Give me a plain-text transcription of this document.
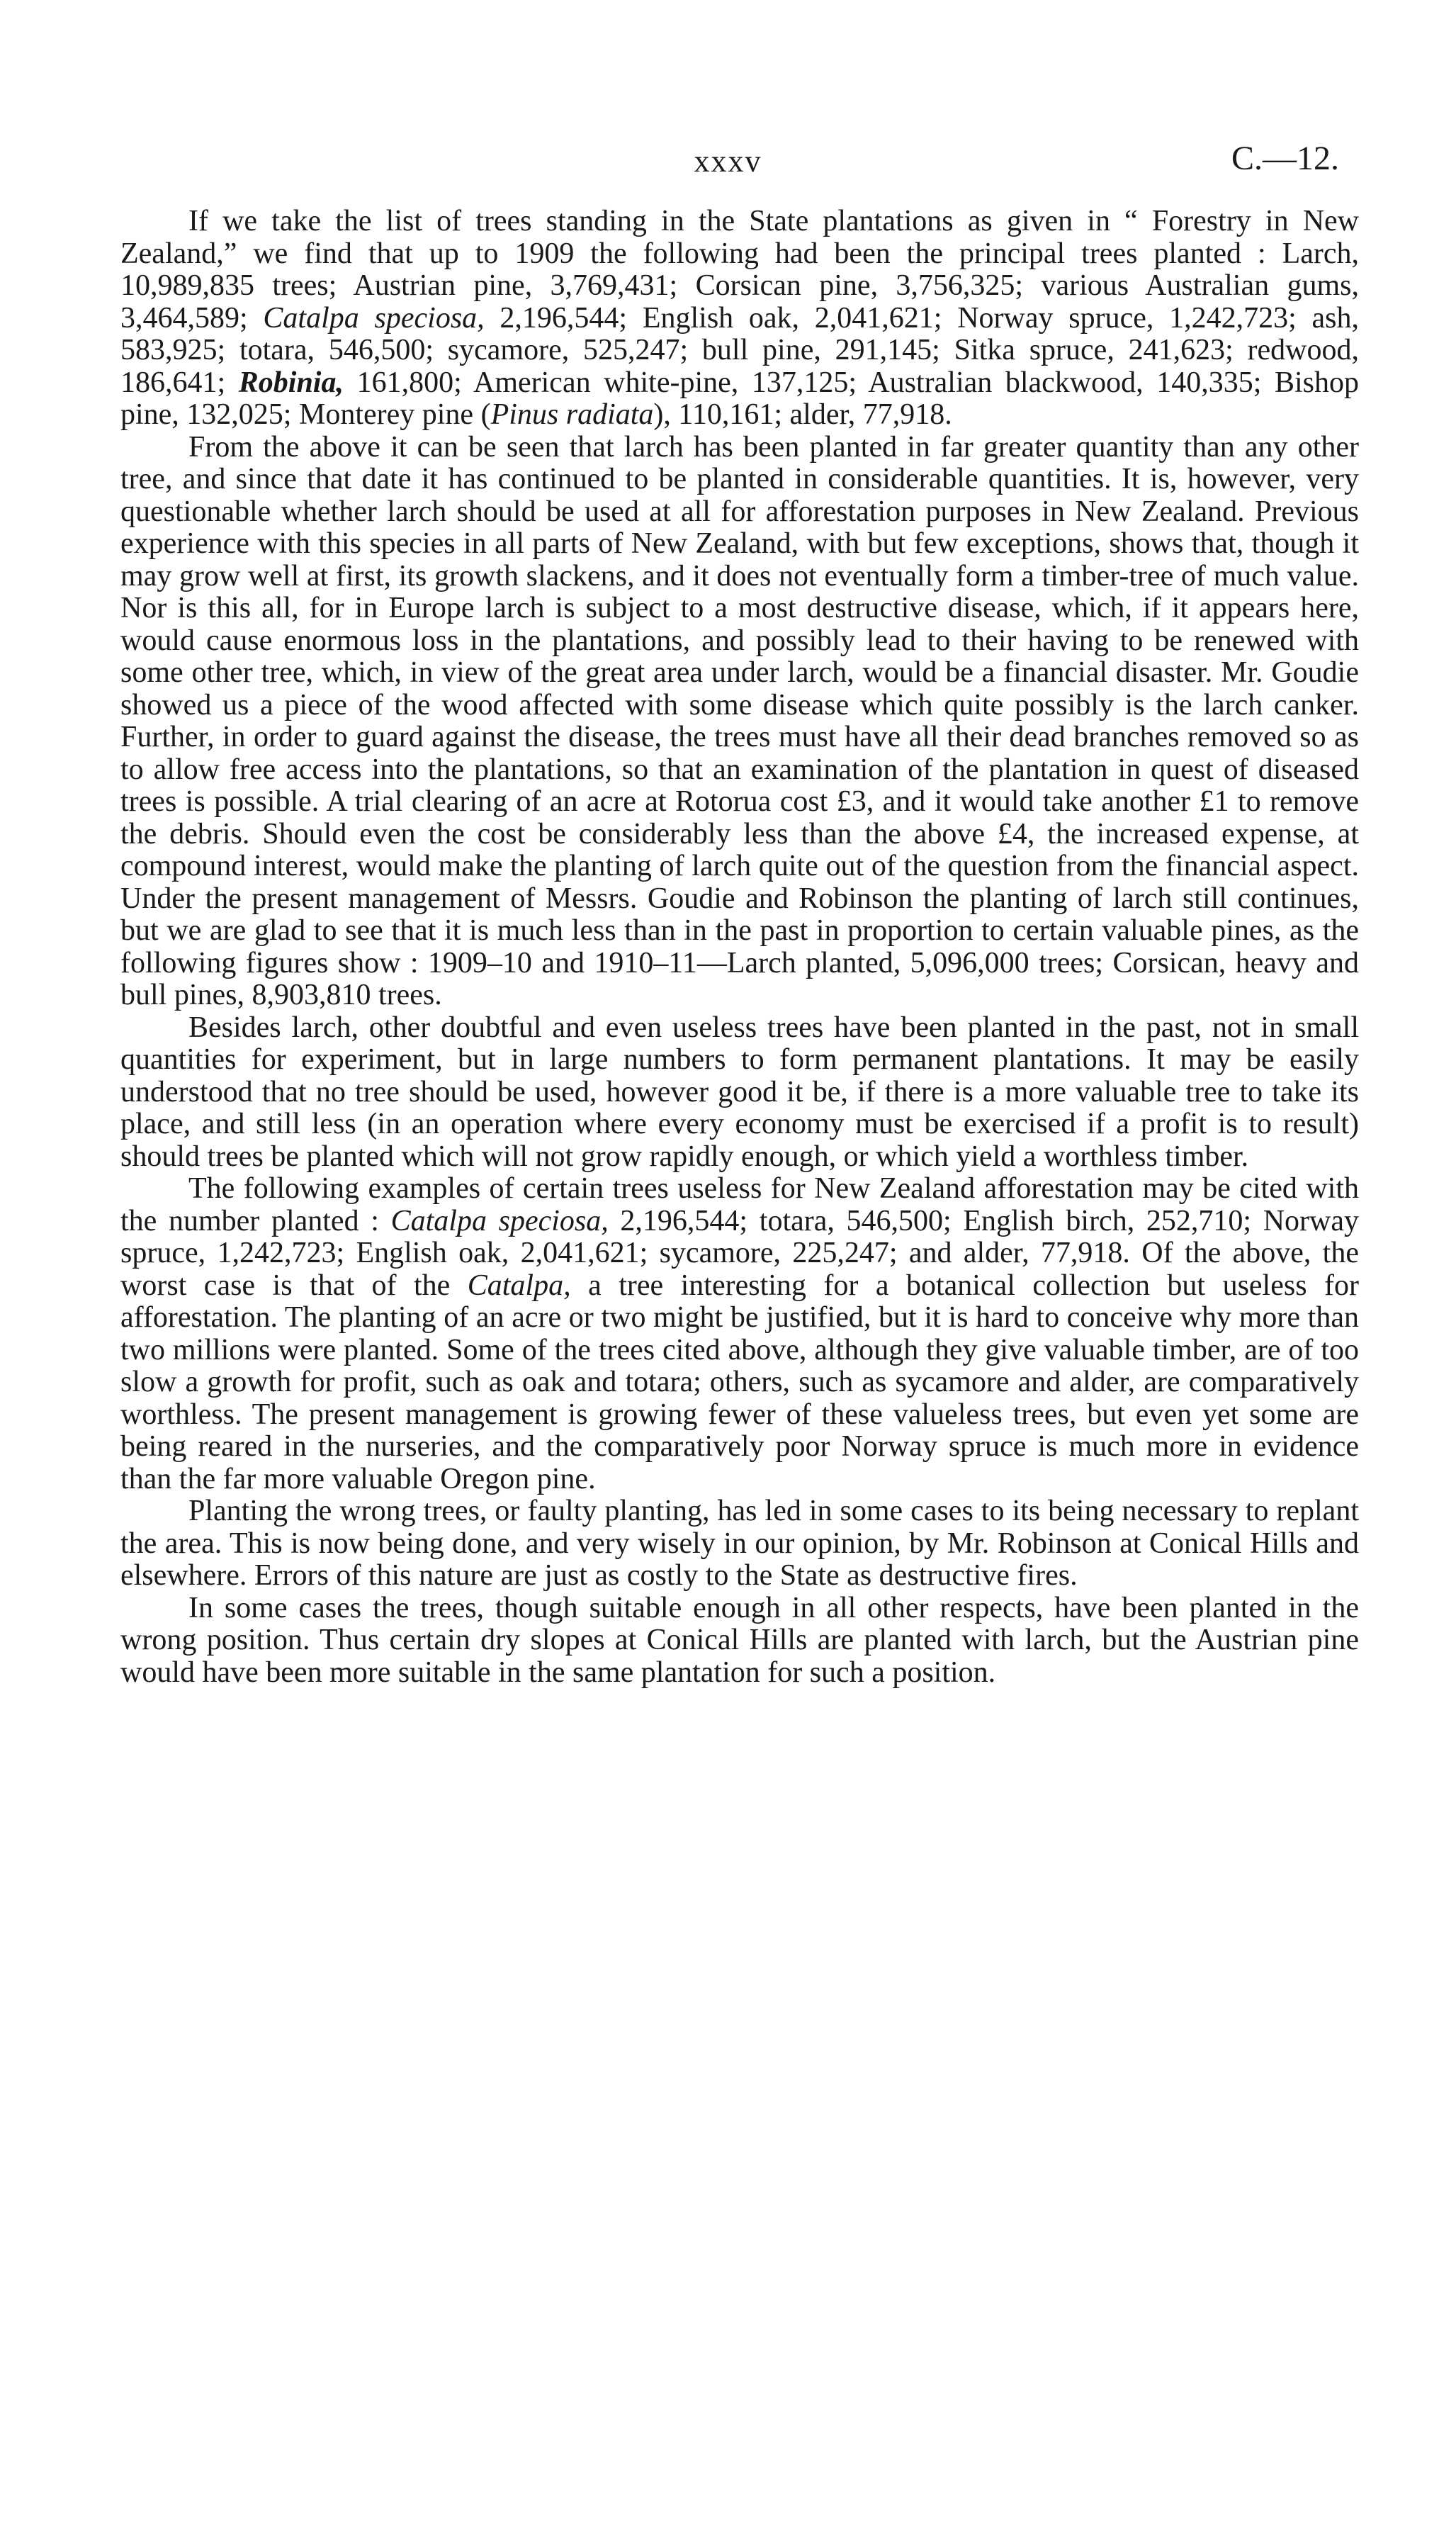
xxxv	C.—12.

If we take the list of trees standing in the State plantations as given in “ Forestry in New Zealand,” we find that up to 1909 the following had been the principal trees planted : Larch, 10,989,835 trees; Austrian pine, 3,769,431; Corsican pine, 3,756,325; various Australian gums, 3,464,589; Catalpa speciosa, 2,196,544; English oak, 2,041,621; Norway spruce, 1,242,723; ash, 583,925; totara, 546,500; sycamore, 525,247; bull pine, 291,145; Sitka spruce, 241,623; redwood, 186,641; Robinia, 161,800; American white-pine, 137,125; Australian blackwood, 140,335; Bishop pine, 132,025; Monterey pine (Pinus radiata), 110,161; alder, 77,918.

From the above it can be seen that larch has been planted in far greater quantity than any other tree, and since that date it has continued to be planted in considerable quantities. It is, however, very questionable whether larch should be used at all for afforestation purposes in New Zealand. Previous experience with this species in all parts of New Zealand, with but few exceptions, shows that, though it may grow well at first, its growth slackens, and it does not eventually form a timber-tree of much value. Nor is this all, for in Europe larch is subject to a most destructive disease, which, if it appears here, would cause enormous loss in the plantations, and possibly lead to their having to be renewed with some other tree, which, in view of the great area under larch, would be a financial disaster. Mr. Goudie showed us a piece of the wood affected with some disease which quite possibly is the larch canker. Further, in order to guard against the disease, the trees must have all their dead branches removed so as to allow free access into the plantations, so that an examination of the plantation in quest of diseased trees is possible. A trial clearing of an acre at Rotorua cost £3, and it would take another £1 to remove the debris. Should even the cost be considerably less than the above £4, the increased expense, at compound interest, would make the planting of larch quite out of the question from the financial aspect. Under the present management of Messrs. Goudie and Robinson the planting of larch still continues, but we are glad to see that it is much less than in the past in proportion to certain valuable pines, as the following figures show : 1909–10 and 1910–11—Larch planted, 5,096,000 trees; Corsican, heavy and bull pines, 8,903,810 trees.

Besides larch, other doubtful and even useless trees have been planted in the past, not in small quantities for experiment, but in large numbers to form permanent plantations. It may be easily understood that no tree should be used, however good it be, if there is a more valuable tree to take its place, and still less (in an operation where every economy must be exercised if a profit is to result) should trees be planted which will not grow rapidly enough, or which yield a worthless timber.

The following examples of certain trees useless for New Zealand afforestation may be cited with the number planted : Catalpa speciosa, 2,196,544; totara, 546,500; English birch, 252,710; Norway spruce, 1,242,723; English oak, 2,041,621; sycamore, 225,247; and alder, 77,918. Of the above, the worst case is that of the Catalpa, a tree interesting for a botanical collection but useless for afforestation. The planting of an acre or two might be justified, but it is hard to conceive why more than two millions were planted. Some of the trees cited above, although they give valuable timber, are of too slow a growth for profit, such as oak and totara; others, such as sycamore and alder, are comparatively worthless. The present management is growing fewer of these valueless trees, but even yet some are being reared in the nurseries, and the comparatively poor Norway spruce is much more in evidence than the far more valuable Oregon pine.

Planting the wrong trees, or faulty planting, has led in some cases to its being necessary to replant the area. This is now being done, and very wisely in our opinion, by Mr. Robinson at Conical Hills and elsewhere. Errors of this nature are just as costly to the State as destructive fires.

In some cases the trees, though suitable enough in all other respects, have been planted in the wrong position. Thus certain dry slopes at Conical Hills are planted with larch, but the Austrian pine would have been more suitable in the same plantation for such a position.
